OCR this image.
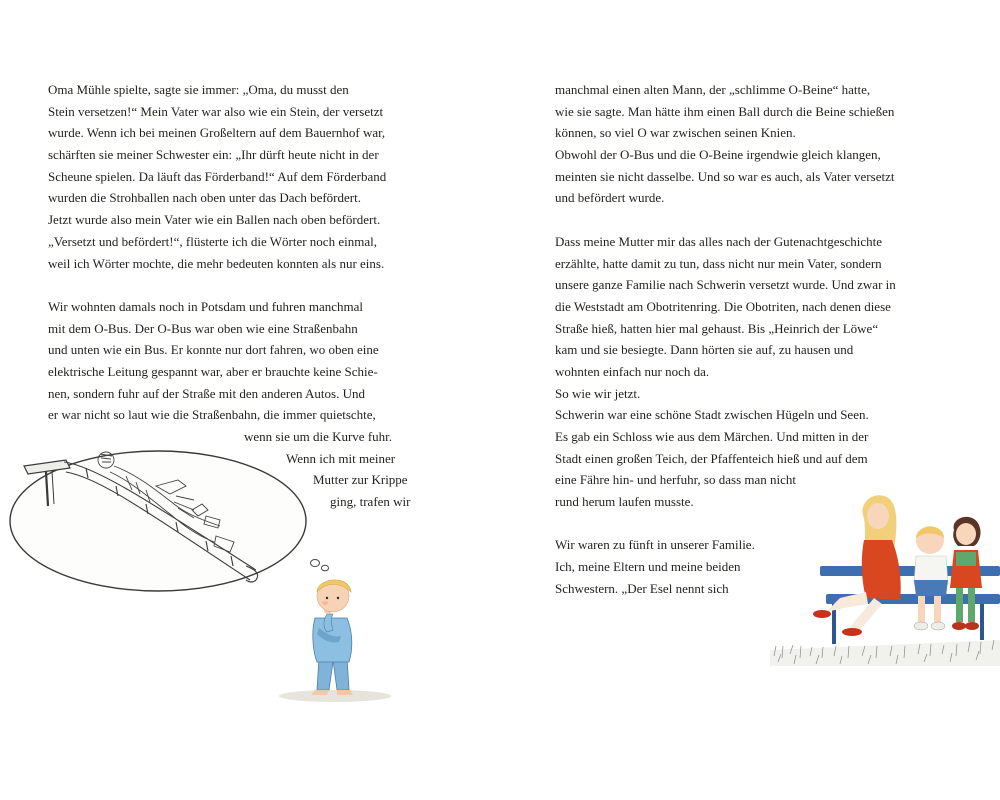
Oma Mühle spielte, sagte sie immer: „Oma, du musst den
Stein versetzen!“ Mein Vater war also wie ein Stein, der versetzt
wurde. Wenn ich bei meinen Großeltern auf dem Bauernhof war,
schärften sie meiner Schwester ein: „Ihr dürft heute nicht in der
Scheune spielen. Da läuft das Förderband!“ Auf dem Förderband
wurden die Strohballen nach oben unter das Dach befördert.
Jetzt wurde also mein Vater wie ein Ballen nach oben befördert.
„Versetzt und befördert!“, flüsterte ich die Wörter noch einmal,
weil ich Wörter mochte, die mehr bedeuten konnten als nur eins.
Wir wohnten damals noch in Potsdam und fuhren manchmal
mit dem O-Bus. Der O-Bus war oben wie eine Straßenbahn
und unten wie ein Bus. Er konnte nur dort fahren, wo oben eine
elektrische Leitung gespannt war, aber er brauchte keine Schie-
nen, sondern fuhr auf der Straße mit den anderen Autos. Und
er war nicht so laut wie die Straßenbahn, die immer quietschte,
wenn sie um die Kurve fuhr.
Wenn ich mit meiner
Mutter zur Krippe
ging, trafen wir
manchmal einen alten Mann, der „schlimme O-Beine“ hatte,
wie sie sagte. Man hätte ihm einen Ball durch die Beine schießen
können, so viel O war zwischen seinen Knien.
Obwohl der O-Bus und die O-Beine irgendwie gleich klangen,
meinten sie nicht dasselbe. Und so war es auch, als Vater versetzt
und befördert wurde.
Dass meine Mutter mir das alles nach der Gutenachtgeschichte
erzählte, hatte damit zu tun, dass nicht nur mein Vater, sondern
unsere ganze Familie nach Schwerin versetzt wurde. Und zwar in
die Weststadt am Obotritenring. Die Obotriten, nach denen diese
Straße hieß, hatten hier mal gehaust. Bis „Heinrich der Löwe“
kam und sie besiegte. Dann hörten sie auf, zu hausen und
wohnten einfach nur noch da.
So wie wir jetzt.
Schwerin war eine schöne Stadt zwischen Hügeln und Seen.
Es gab ein Schloss wie aus dem Märchen. Und mitten in der
Stadt einen großen Teich, der Pfaffenteich hieß und auf dem
eine Fähre hin- und herfuhr, so dass man nicht
rund herum laufen musste.
Wir waren zu fünft in unserer Familie.
Ich, meine Eltern und meine beiden
Schwestern. „Der Esel nennt sich
